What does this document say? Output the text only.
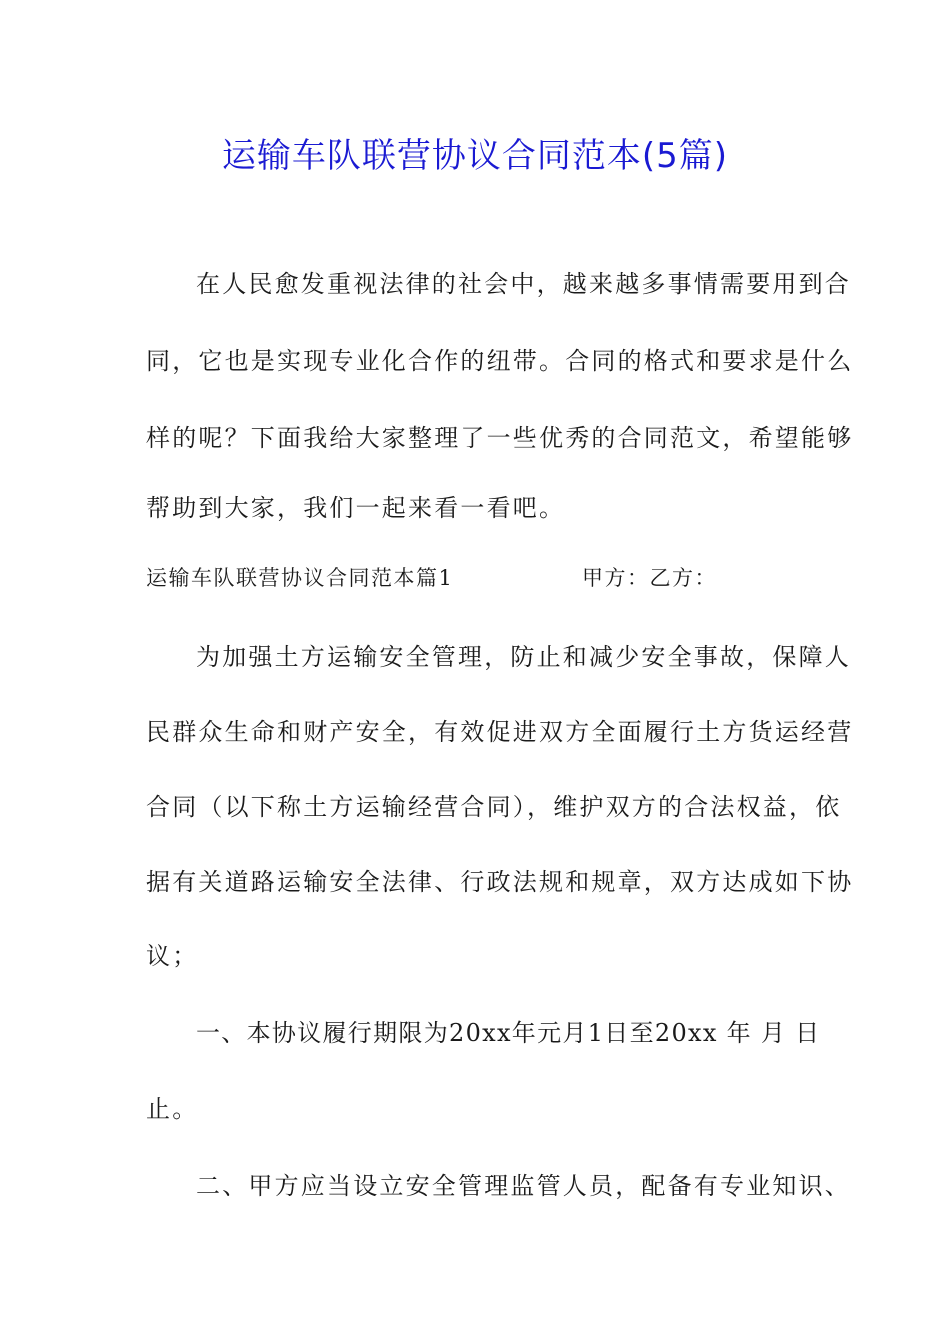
运输车队联营协议合同范本(5篇)
在人民愈发重视法律的社会中，越来越多事情需要用到合
同，它也是实现专业化合作的纽带。合同的格式和要求是什么
样的呢？下面我给大家整理了一些优秀的合同范文，希望能够
帮助到大家，我们一起来看一看吧。
运输车队联营协议合同范本篇1	甲方：乙方：
为加强土方运输安全管理，防止和减少安全事故，保障人
民群众生命和财产安全，有效促进双方全面履行土方货运经营
合同（以下称土方运输经营合同），维护双方的合法权益，依
据有关道路运输安全法律、行政法规和规章，双方达成如下协
议；
一、本协议履行期限为20xx年元月1日至20xx 年 月 日
止。
二、甲方应当设立安全管理监管人员，配备有专业知识、
